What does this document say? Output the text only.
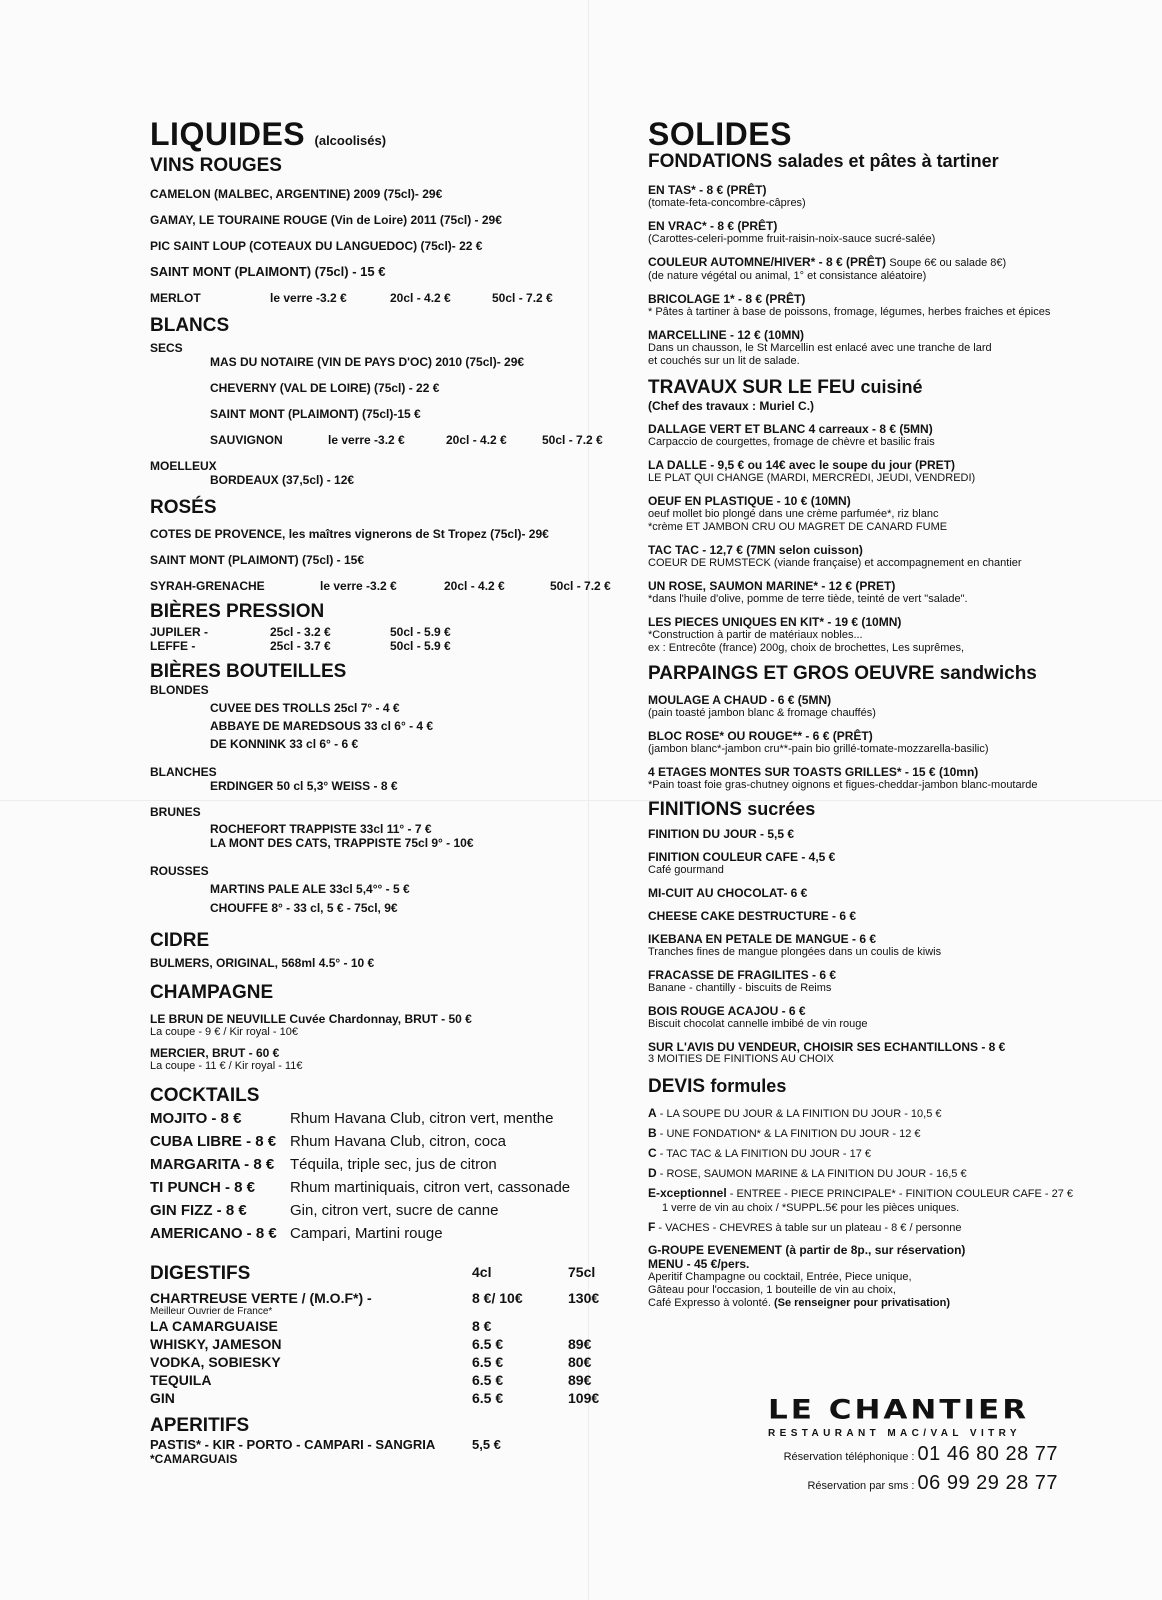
LIQUIDES (alcoolisés)
VINS ROUGES
CAMELON (MALBEC, ARGENTINE) 2009 (75cl)- 29€
GAMAY, LE TOURAINE ROUGE (Vin de Loire) 2011 (75cl) - 29€
PIC SAINT LOUP (COTEAUX DU LANGUEDOC) (75cl)- 22 €
SAINT MONT (PLAIMONT) (75cl) - 15 €
MERLOT	le verre -3.2 €	20cl - 4.2 €	50cl - 7.2 €
BLANCS
SECS
MAS DU NOTAIRE (VIN DE PAYS D'OC) 2010 (75cl)- 29€
CHEVERNY (VAL DE LOIRE) (75cl) - 22 €
SAINT MONT (PLAIMONT) (75cl)-15 €
SAUVIGNON	le verre -3.2 €	20cl - 4.2 €	50cl - 7.2 €
MOELLEUX
BORDEAUX (37,5cl) - 12€
ROSÉS
COTES DE PROVENCE, les maîtres vignerons de St Tropez (75cl)- 29€
SAINT MONT (PLAIMONT) (75cl) - 15€
SYRAH-GRENACHE	le verre -3.2 €	20cl - 4.2 €	50cl - 7.2 €
BIÈRES PRESSION
JUPILER -	25cl - 3.2 €	50cl - 5.9 €
LEFFE -	25cl - 3.7 €	50cl - 5.9 €
BIÈRES BOUTEILLES
BLONDES
CUVEE DES TROLLS 25cl 7° - 4 €
ABBAYE DE MAREDSOUS 33 cl 6° - 4 €
DE KONNINK 33 cl 6° - 6 €
BLANCHES
ERDINGER 50 cl 5,3° WEISS - 8 €
BRUNES
ROCHEFORT TRAPPISTE 33cl 11° - 7 €
LA MONT DES CATS, TRAPPISTE 75cl 9° - 10€
ROUSSES
MARTINS PALE ALE 33cl 5,4°° - 5 €
CHOUFFE 8° - 33 cl, 5 € - 75cl, 9€
CIDRE
BULMERS, ORIGINAL, 568ml 4.5° - 10 €
CHAMPAGNE
LE BRUN DE NEUVILLE Cuvée Chardonnay, BRUT - 50 €
La coupe - 9 € / Kir royal - 10€
MERCIER, BRUT - 60 €
La coupe - 11 € / Kir royal - 11€
COCKTAILS
MOJITO - 8 €	Rhum Havana Club, citron vert, menthe
CUBA LIBRE - 8 € Rhum Havana Club, citron, coca
MARGARITA - 8 €	Téquila, triple sec, jus de citron
TI PUNCH - 8 €	Rhum martiniquais, citron vert, cassonade
GIN FIZZ - 8 €	Gin, citron vert, sucre de canne
AMERICANO - 8 € Campari, Martini rouge
DIGESTIFS	4cl	75cl
CHARTREUSE VERTE / (M.O.F*) -	8 €/ 10€	130€
Meilleur Ouvrier de France*
LA CAMARGUAISE	8 €
WHISKY, JAMESON	6.5 €	89€
VODKA, SOBIESKY	6.5 €	80€
TEQUILA	6.5 €	89€
GIN	6.5 €	109€
APERITIFS
PASTIS* - KIR - PORTO - CAMPARI - SANGRIA	5,5 €
*CAMARGUAIS
SOLIDES
FONDATIONS salades et pâtes à tartiner
EN TAS* - 8 € (PRÊT)
(tomate-feta-concombre-câpres)
EN VRAC* - 8 € (PRÊT)
(Carottes-celeri-pomme fruit-raisin-noix-sauce sucré-salée)
COULEUR AUTOMNE/HIVER* - 8 € (PRÊT) Soupe 6€ ou salade 8€)
(de nature végétal ou animal, 1° et consistance aléatoire)
BRICOLAGE 1* - 8 € (PRÊT)
* Pâtes à tartiner à base de poissons, fromage, légumes, herbes fraiches et épices
MARCELLINE - 12 € (10MN)
Dans un chausson, le St Marcellin est enlacé avec une tranche de lard
et couchés sur un lit de salade.
TRAVAUX SUR LE FEU cuisiné
(Chef des travaux : Muriel C.)
DALLAGE VERT ET BLANC 4 carreaux - 8 € (5MN)
Carpaccio de courgettes, fromage de chèvre et basilic frais
LA DALLE - 9,5 € ou 14€ avec le soupe du jour (PRET)
LE PLAT QUI CHANGE (MARDI, MERCREDI, JEUDI, VENDREDI)
OEUF EN PLASTIQUE - 10 € (10MN)
oeuf mollet bio plongé dans une crème parfumée*, riz blanc
*crème ET JAMBON CRU OU MAGRET DE CANARD FUME
TAC TAC - 12,7 € (7MN selon cuisson)
COEUR DE RUMSTECK (viande française) et accompagnement en chantier
UN ROSE, SAUMON MARINE* - 12 € (PRET)
*dans l'huile d'olive, pomme de terre tiède, teinté de vert "salade".
LES PIECES UNIQUES EN KIT* - 19 € (10MN)
*Construction à partir de matériaux nobles...
ex : Entrecôte (france) 200g, choix de brochettes, Les suprêmes,
PARPAINGS ET GROS OEUVRE sandwichs
MOULAGE A CHAUD - 6 € (5MN)
(pain toasté jambon blanc & fromage chauffés)
BLOC ROSE* OU ROUGE** - 6 € (PRÊT)
(jambon blanc*-jambon cru**-pain bio grillé-tomate-mozzarella-basilic)
4 ETAGES MONTES SUR TOASTS GRILLES* - 15 € (10mn)
*Pain toast foie gras-chutney oignons et figues-cheddar-jambon blanc-moutarde
FINITIONS sucrées
FINITION DU JOUR - 5,5 €
FINITION COULEUR CAFE - 4,5 €
Café gourmand
MI-CUIT AU CHOCOLAT- 6 €
CHEESE CAKE DESTRUCTURE - 6 €
IKEBANA EN PETALE DE MANGUE - 6 €
Tranches fines de mangue plongées dans un coulis de kiwis
FRACASSE DE FRAGILITES - 6 €
Banane - chantilly - biscuits de Reims
BOIS ROUGE ACAJOU - 6 €
Biscuit chocolat cannelle imbibé de vin rouge
SUR L'AVIS DU VENDEUR, CHOISIR SES ECHANTILLONS - 8 €
3 MOITIES DE FINITIONS AU CHOIX
DEVIS formules
A - LA SOUPE DU JOUR & LA FINITION DU JOUR - 10,5 €
B - UNE FONDATION* & LA FINITION DU JOUR - 12 €
C - TAC TAC & LA FINITION DU JOUR - 17 €
D - ROSE, SAUMON MARINE & LA FINITION DU JOUR - 16,5 €
E-xceptionnel - ENTREE - PIECE PRINCIPALE* - FINITION COULEUR CAFE - 27 €
1 verre de vin au choix / *SUPPL.5€ pour les pièces uniques.
F - VACHES - CHEVRES à table sur un plateau - 8 € / personne
G-ROUPE EVENEMENT (à partir de 8p., sur réservation)
MENU - 45 €/pers.
Aperitif Champagne ou cocktail, Entrée, Piece unique,
Gâteau pour l'occasion, 1 bouteille de vin au choix,
Café Expresso à volonté. (Se renseigner pour privatisation)
LE CHANTIER
RESTAURANT MAC/VAL VITRY
Réservation téléphonique : 01 46 80 28 77
Réservation par sms : 06 99 29 28 77
